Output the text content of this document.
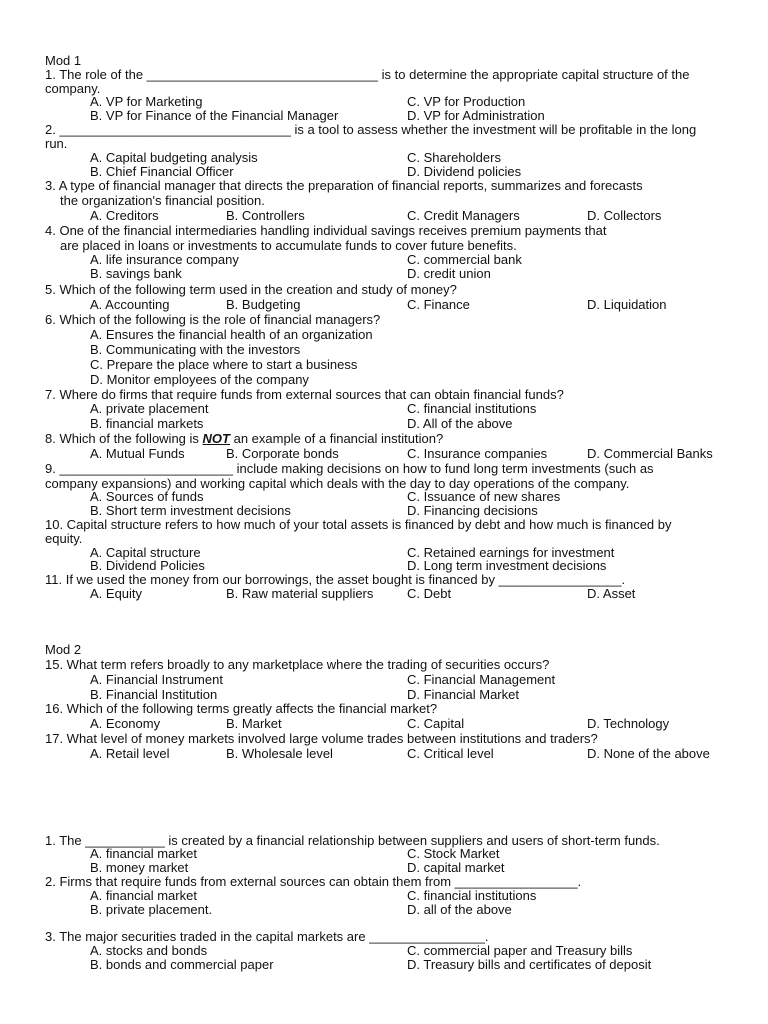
Mod 1
1. The role of the ________________________________ is to determine the appropriate capital structure of the
company.
A. VP for Marketing	C. VP for Production
B. VP for Finance of the Financial Manager	D. VP for Administration
2. ________________________________ is a tool to assess whether the investment will be profitable in the long
run.
A. Capital budgeting analysis	C. Shareholders
B. Chief Financial Officer	D. Dividend policies
3. A type of financial manager that directs the preparation of financial reports, summarizes and forecasts
the organization's financial position.
A. Creditors	B. Controllers	C. Credit Managers	D. Collectors
4. One of the financial intermediaries handling individual savings receives premium payments that
are placed in loans or investments to accumulate funds to cover future benefits.
A. life insurance company	C. commercial bank
B. savings bank	D. credit union
5. Which of the following term used in the creation and study of money?
A. Accounting	B. Budgeting	C. Finance	D. Liquidation
6. Which of the following is the role of financial managers?
A. Ensures the financial health of an organization
B. Communicating with the investors
C. Prepare the place where to start a business
D. Monitor employees of the company
7. Where do firms that require funds from external sources that can obtain financial funds?
A. private placement	C. financial institutions
B. financial markets	D. All of the above
8. Which of the following is NOT an example of a financial institution?
A. Mutual Funds	B. Corporate bonds	C. Insurance companies	D. Commercial Banks
9. ________________________ include making decisions on how to fund long term investments (such as
company expansions) and working capital which deals with the day to day operations of the company.
A. Sources of funds	C. Issuance of new shares
B. Short term investment decisions	D. Financing decisions
10. Capital structure refers to how much of your total assets is financed by debt and how much is financed by
equity.
A. Capital structure	C. Retained earnings for investment
B. Dividend Policies	D. Long term investment decisions
11. If we used the money from our borrowings, the asset bought is financed by _________________.
A. Equity	B. Raw material suppliers	C. Debt	D. Asset
Mod 2
15. What term refers broadly to any marketplace where the trading of securities occurs?
A. Financial Instrument	C. Financial Management
B. Financial Institution	D. Financial Market
16. Which of the following terms greatly affects the financial market?
A. Economy	B. Market	C. Capital	D. Technology
17. What level of money markets involved large volume trades between institutions and traders?
A. Retail level	B. Wholesale level	C. Critical level	D. None of the above
1. The ___________ is created by a financial relationship between suppliers and users of short-term funds.
A. financial market	C. Stock Market
B. money market	D. capital market
2. Firms that require funds from external sources can obtain them from _________________.
A. financial market	C. financial institutions
B. private placement.	D. all of the above
3. The major securities traded in the capital markets are ________________.
A. stocks and bonds	C. commercial paper and Treasury bills
B. bonds and commercial paper	D. Treasury bills and certificates of deposit
